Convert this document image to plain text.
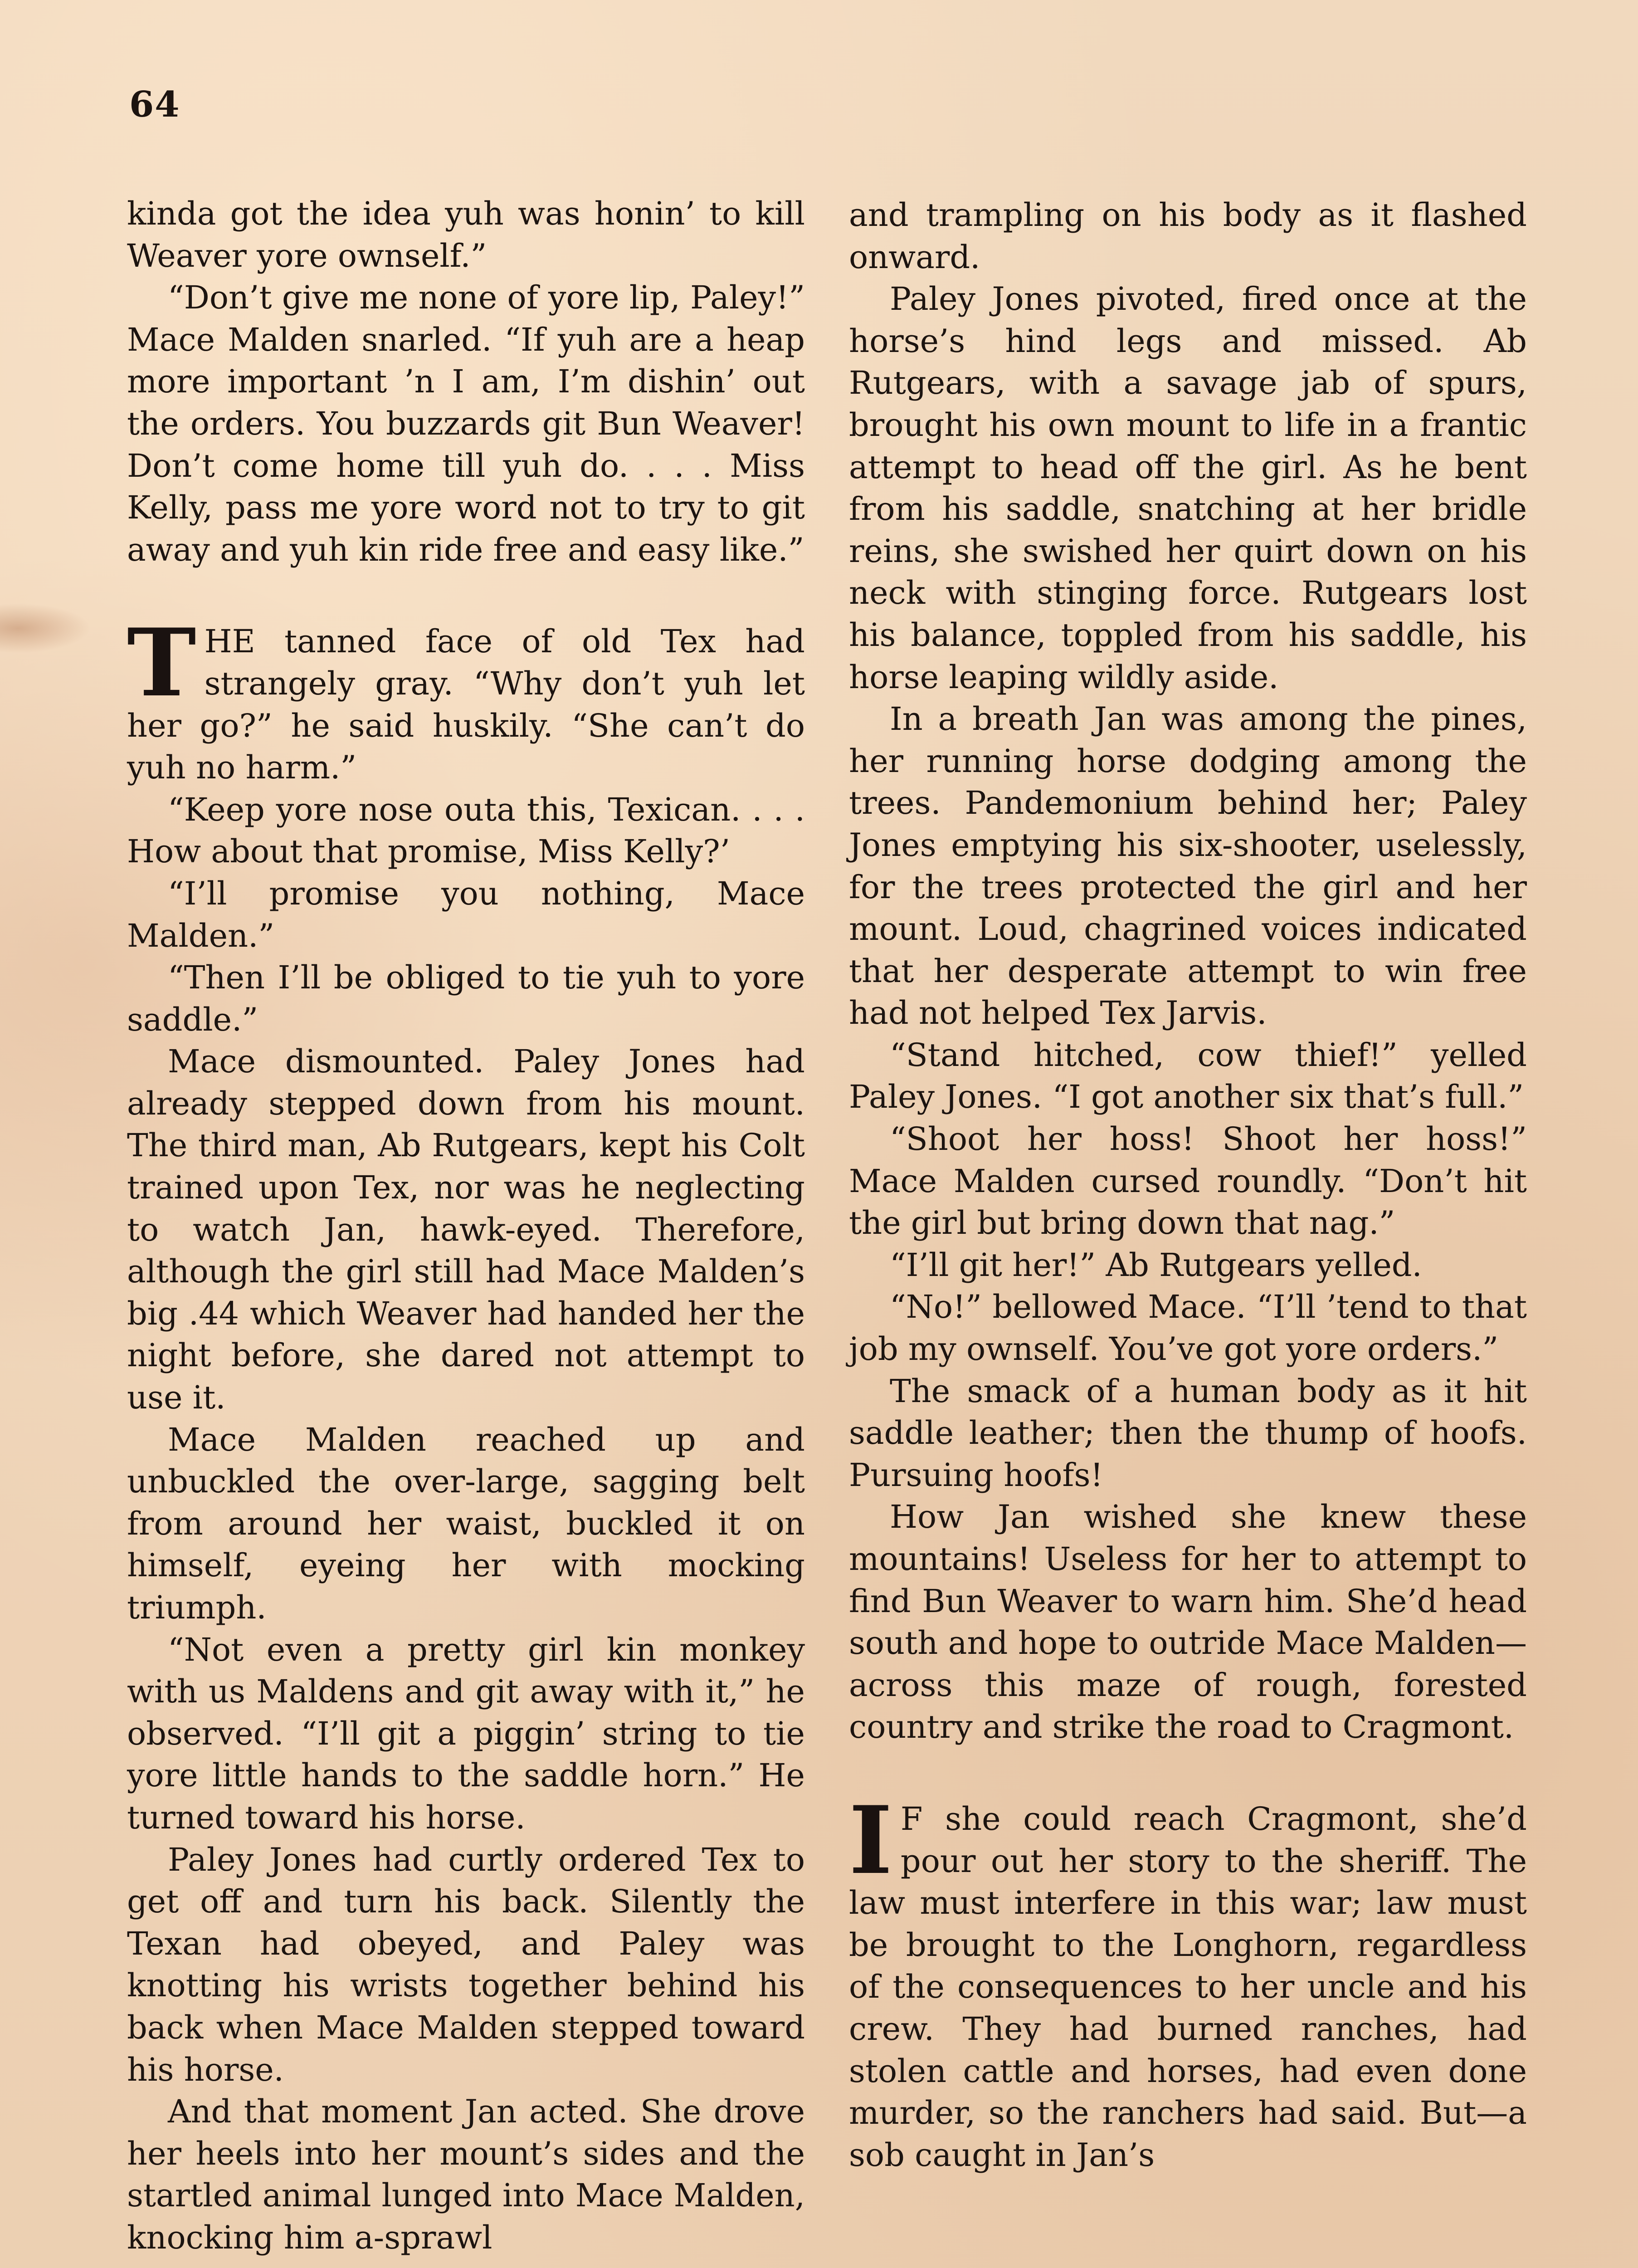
64

kinda got the idea yuh was honin’ to kill Weaver yore ownself.”

“Don’t give me none of yore lip, Paley!” Mace Malden snarled. “If yuh are a heap more important ’n I am, I’m dishin’ out the orders. You buzzards git Bun Weaver! Don’t come home till yuh do. . . . Miss Kelly, pass me yore word not to try to git away and yuh kin ride free and easy like.”

THE tanned face of old Tex had strangely gray. “Why don’t yuh let her go?” he said huskily. “She can’t do yuh no harm.”

“Keep yore nose outa this, Texican. . . . How about that promise, Miss Kelly?’

“I’ll promise you nothing, Mace Malden.”

“Then I’ll be obliged to tie yuh to yore saddle.”

Mace dismounted. Paley Jones had already stepped down from his mount. The third man, Ab Rutgears, kept his Colt trained upon Tex, nor was he neglecting to watch Jan, hawk-eyed. Therefore, although the girl still had Mace Malden’s big .44 which Weaver had handed her the night before, she dared not attempt to use it.

Mace Malden reached up and unbuckled the over-large, sagging belt from around her waist, buckled it on himself, eyeing her with mocking triumph.

“Not even a pretty girl kin monkey with us Maldens and git away with it,” he observed. “I’ll git a piggin’ string to tie yore little hands to the saddle horn.” He turned toward his horse.

Paley Jones had curtly ordered Tex to get off and turn his back. Silently the Texan had obeyed, and Paley was knotting his wrists together behind his back when Mace Malden stepped toward his horse.

And that moment Jan acted. She drove her heels into her mount’s sides and the startled animal lunged into Mace Malden, knocking him a-sprawl

and trampling on his body as it flashed onward.

Paley Jones pivoted, fired once at the horse’s hind legs and missed. Ab Rutgears, with a savage jab of spurs, brought his own mount to life in a frantic attempt to head off the girl. As he bent from his saddle, snatching at her bridle reins, she swished her quirt down on his neck with stinging force. Rutgears lost his balance, toppled from his saddle, his horse leaping wildly aside.

In a breath Jan was among the pines, her running horse dodging among the trees. Pandemonium behind her; Paley Jones emptying his six-shooter, uselessly, for the trees protected the girl and her mount. Loud, chagrined voices indicated that her desperate attempt to win free had not helped Tex Jarvis.

“Stand hitched, cow thief!” yelled Paley Jones. “I got another six that’s full.”

“Shoot her hoss! Shoot her hoss!” Mace Malden cursed roundly. “Don’t hit the girl but bring down that nag.”

“I’ll git her!” Ab Rutgears yelled.

“No!” bellowed Mace. “I’ll ’tend to that job my ownself. You’ve got yore orders.”

The smack of a human body as it hit saddle leather; then the thump of hoofs. Pursuing hoofs!

How Jan wished she knew these mountains! Useless for her to attempt to find Bun Weaver to warn him. She’d head south and hope to outride Mace Malden—across this maze of rough, forested country and strike the road to Cragmont.

I F she could reach Cragmont, she’d pour out her story to the sheriff. The law must interfere in this war; law must be brought to the Longhorn, regardless of the consequences to her uncle and his crew. They had burned ranches, had stolen cattle and horses, had even done murder, so the ranchers had said. But—a sob caught in Jan’s
